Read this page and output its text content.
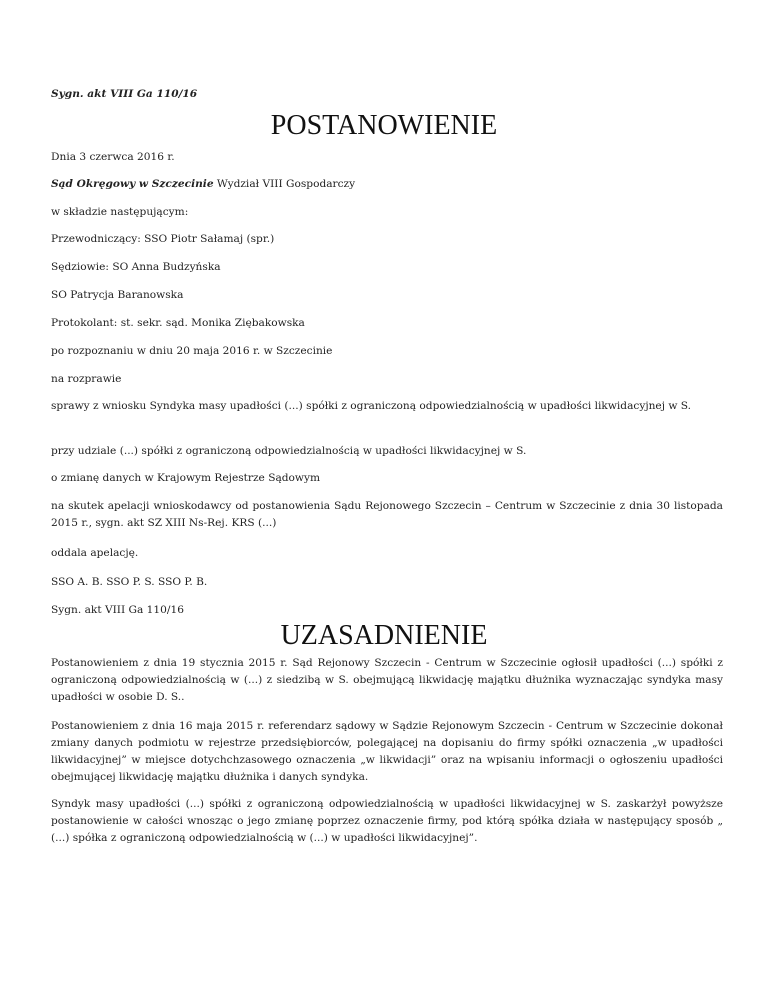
Sygn. akt VIII Ga 110/16
POSTANOWIENIE
Dnia 3 czerwca 2016 r.
Sąd Okręgowy w Szczecinie Wydział VIII Gospodarczy
w składzie następującym:
Przewodniczący: SSO Piotr Sałamaj (spr.)
Sędziowie: SO Anna Budzyńska
SO Patrycja Baranowska
Protokolant: st. sekr. sąd. Monika Ziębakowska
po rozpoznaniu w dniu 20 maja 2016 r. w Szczecinie
na rozprawie
sprawy z wniosku Syndyka masy upadłości (...) spółki z ograniczoną odpowiedzialnością w upadłości likwidacyjnej w S.
przy udziale (...) spółki z ograniczoną odpowiedzialnością w upadłości likwidacyjnej w S.
o zmianę danych w Krajowym Rejestrze Sądowym
na skutek apelacji wnioskodawcy od postanowienia Sądu Rejonowego Szczecin – Centrum w Szczecinie z dnia 30 listopada 2015 r., sygn. akt SZ XIII Ns-Rej. KRS (...)
oddala apelację.
SSO A. B. SSO P. S. SSO P. B.
Sygn. akt VIII Ga 110/16
UZASADNIENIE
Postanowieniem z dnia 19 stycznia 2015 r. Sąd Rejonowy Szczecin - Centrum w Szczecinie ogłosił upadłości (...) spółki z ograniczoną odpowiedzialnością w (...) z siedzibą w S. obejmującą likwidację majątku dłużnika wyznaczając syndyka masy upadłości w osobie D. S..
Postanowieniem z dnia 16 maja 2015 r. referendarz sądowy w Sądzie Rejonowym Szczecin - Centrum w Szczecinie dokonał zmiany danych podmiotu w rejestrze przedsiębiorców, polegającej na dopisaniu do firmy spółki oznaczenia „w upadłości likwidacyjnej” w miejsce dotychchzasowego oznaczenia „w likwidacji” oraz na wpisaniu informacji o ogłoszeniu upadłości obejmującej likwidację majątku dłużnika i danych syndyka.
Syndyk masy upadłości (...) spółki z ograniczoną odpowiedzialnością w upadłości likwidacyjnej w S. zaskarżył powyższe postanowienie w całości wnosząc o jego zmianę poprzez oznaczenie firmy, pod którą spółka działa w następujący sposób „ (...) spółka z ograniczoną odpowiedzialnością w (...) w upadłości likwidacyjnej”.
